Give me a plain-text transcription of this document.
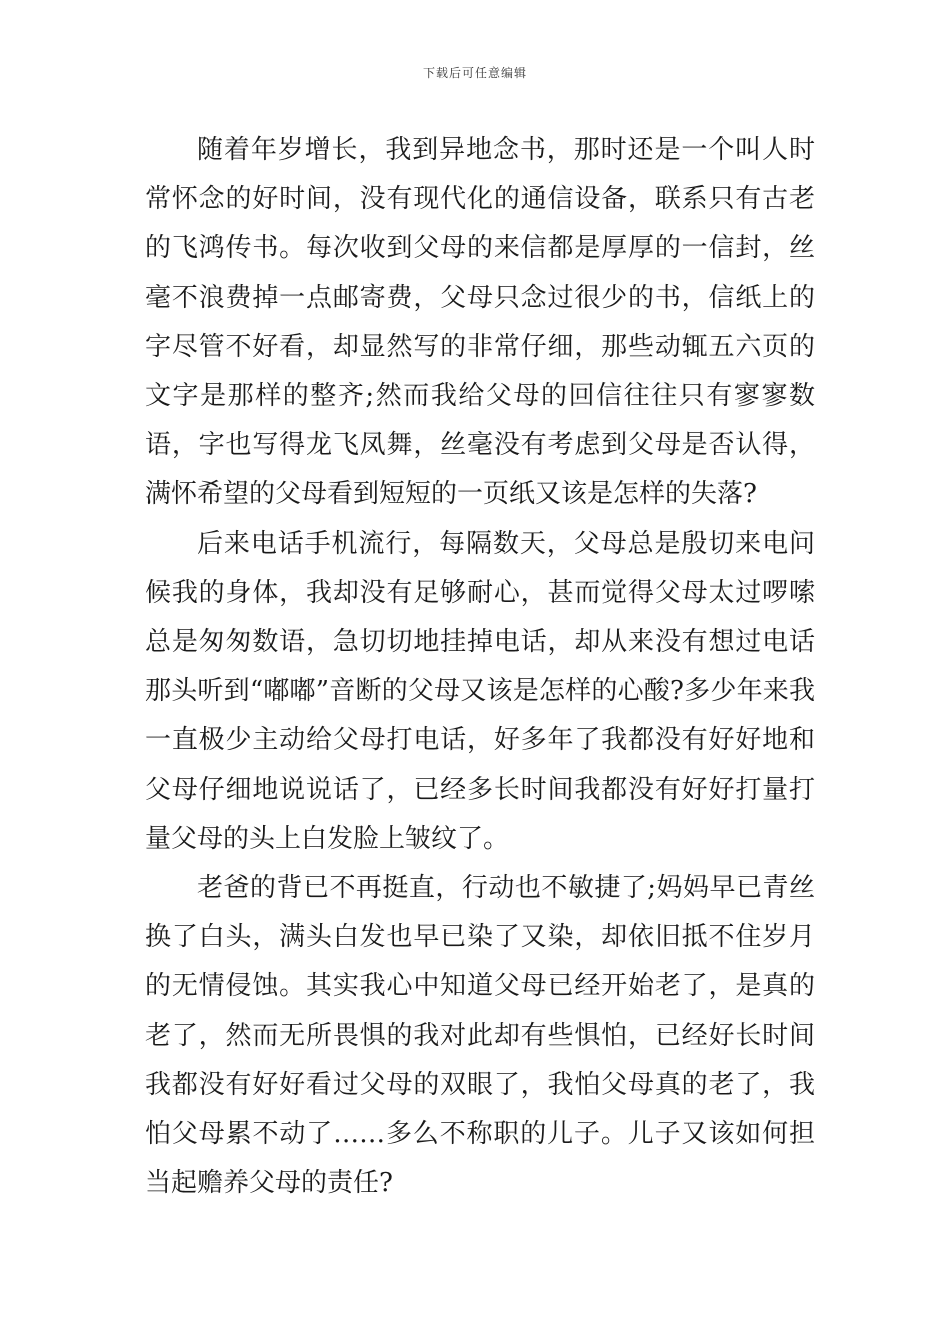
下载后可任意编辑

随着年岁增长，我到异地念书，那时还是一个叫人时常怀念的好时间，没有现代化的通信设备，联系只有古老的飞鸿传书。每次收到父母的来信都是厚厚的一信封，丝毫不浪费掉一点邮寄费，父母只念过很少的书，信纸上的字尽管不好看，却显然写的非常仔细，那些动辄五六页的文字是那样的整齐;然而我给父母的回信往往只有寥寥数语，字也写得龙飞凤舞，丝毫没有考虑到父母是否认得，满怀希望的父母看到短短的一页纸又该是怎样的失落?

后来电话手机流行，每隔数天，父母总是殷切来电问候我的身体，我却没有足够耐心，甚而觉得父母太过啰嗦总是匆匆数语，急切切地挂掉电话，却从来没有想过电话那头听到“嘟嘟”音断的父母又该是怎样的心酸?多少年来我一直极少主动给父母打电话，好多年了我都没有好好地和父母仔细地说说话了，已经多长时间我都没有好好打量打量父母的头上白发脸上皱纹了。

老爸的背已不再挺直，行动也不敏捷了;妈妈早已青丝换了白头，满头白发也早已染了又染，却依旧抵不住岁月的无情侵蚀。其实我心中知道父母已经开始老了，是真的老了，然而无所畏惧的我对此却有些惧怕，已经好长时间我都没有好好看过父母的双眼了，我怕父母真的老了，我怕父母累不动了……多么不称职的儿子。儿子又该如何担当起赡养父母的责任?
